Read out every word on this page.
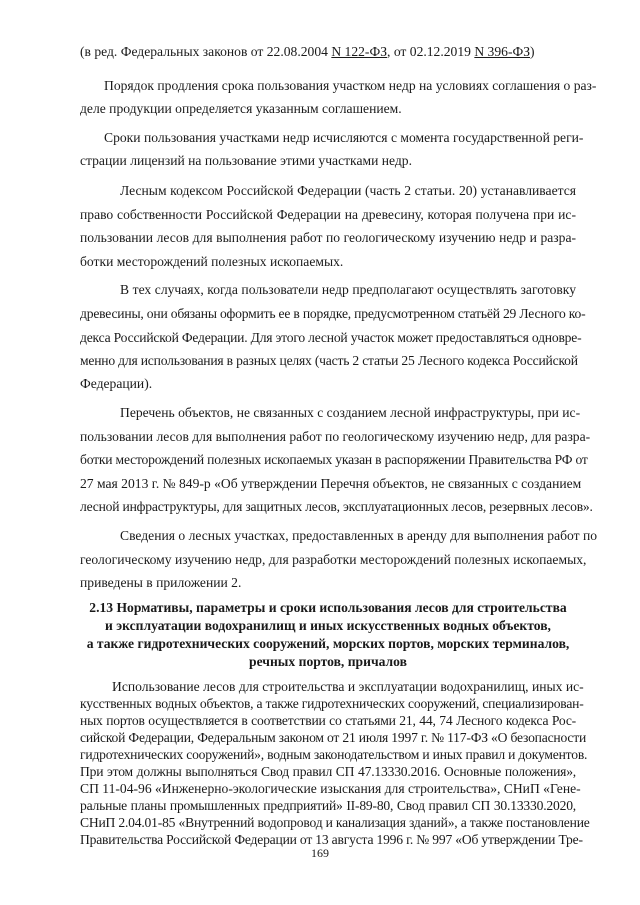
(в ред. Федеральных законов от 22.08.2004 N 122-ФЗ, от 02.12.2019 N 396-ФЗ)
Порядок продления срока пользования участком недр на условиях соглашения о раз-
деле продукции определяется указанным соглашением.
Сроки пользования участками недр исчисляются с момента государственной реги-
страции лицензий на пользование этими участками недр.
Лесным кодексом Российской Федерации (часть 2 статьи. 20) устанавливается
право собственности Российской Федерации на древесину, которая получена при ис-
пользовании лесов для выполнения работ по геологическому изучению недр и разра-
ботки месторождений полезных ископаемых.
В тех случаях, когда пользователи недр предполагают осуществлять заготовку
древесины, они обязаны оформить ее в порядке, предусмотренном статьёй 29 Лесного ко-
декса Российской Федерации. Для этого лесной участок может предоставляться одновре-
менно для использования в разных целях (часть 2 статьи 25 Лесного кодекса Российской
Федерации).
Перечень объектов, не связанных с созданием лесной инфраструктуры, при ис-
пользовании лесов для выполнения работ по геологическому изучению недр, для разра-
ботки месторождений полезных ископаемых указан в распоряжении Правительства РФ от
27 мая 2013 г. № 849-р «Об утверждении Перечня объектов, не связанных с созданием
лесной инфраструктуры, для защитных лесов, эксплуатационных лесов, резервных лесов».
Сведения о лесных участках, предоставленных в аренду для выполнения работ по
геологическому изучению недр, для разработки месторождений полезных ископаемых,
приведены в приложении 2.
2.13 Нормативы, параметры и сроки использования лесов для строительства
и эксплуатации водохранилищ и иных искусственных водных объектов,
а также гидротехнических сооружений, морских портов, морских терминалов,
речных портов, причалов
Использование лесов для строительства и эксплуатации водохранилищ, иных ис-
кусственных водных объектов, а также гидротехнических сооружений, специализирован-
ных портов осуществляется в соответствии со статьями 21, 44, 74 Лесного кодекса Рос-
сийской Федерации, Федеральным законом от 21 июля 1997 г. № 117-ФЗ «О безопасности
гидротехнических сооружений», водным законодательством и иных правил и документов.
При этом должны выполняться Свод правил СП 47.13330.2016. Основные положения»,
СП 11-04-96 «Инженерно-экологические изыскания для строительства», СНиП «Гене-
169
ральные планы промышленных предприятий» II-89-80, Свод правил СП 30.13330.2020,
СНиП 2.04.01-85 «Внутренний водопровод и канализация зданий», а также постановление
Правительства Российской Федерации от 13 августа 1996 г. № 997 «Об утверждении Тре-
